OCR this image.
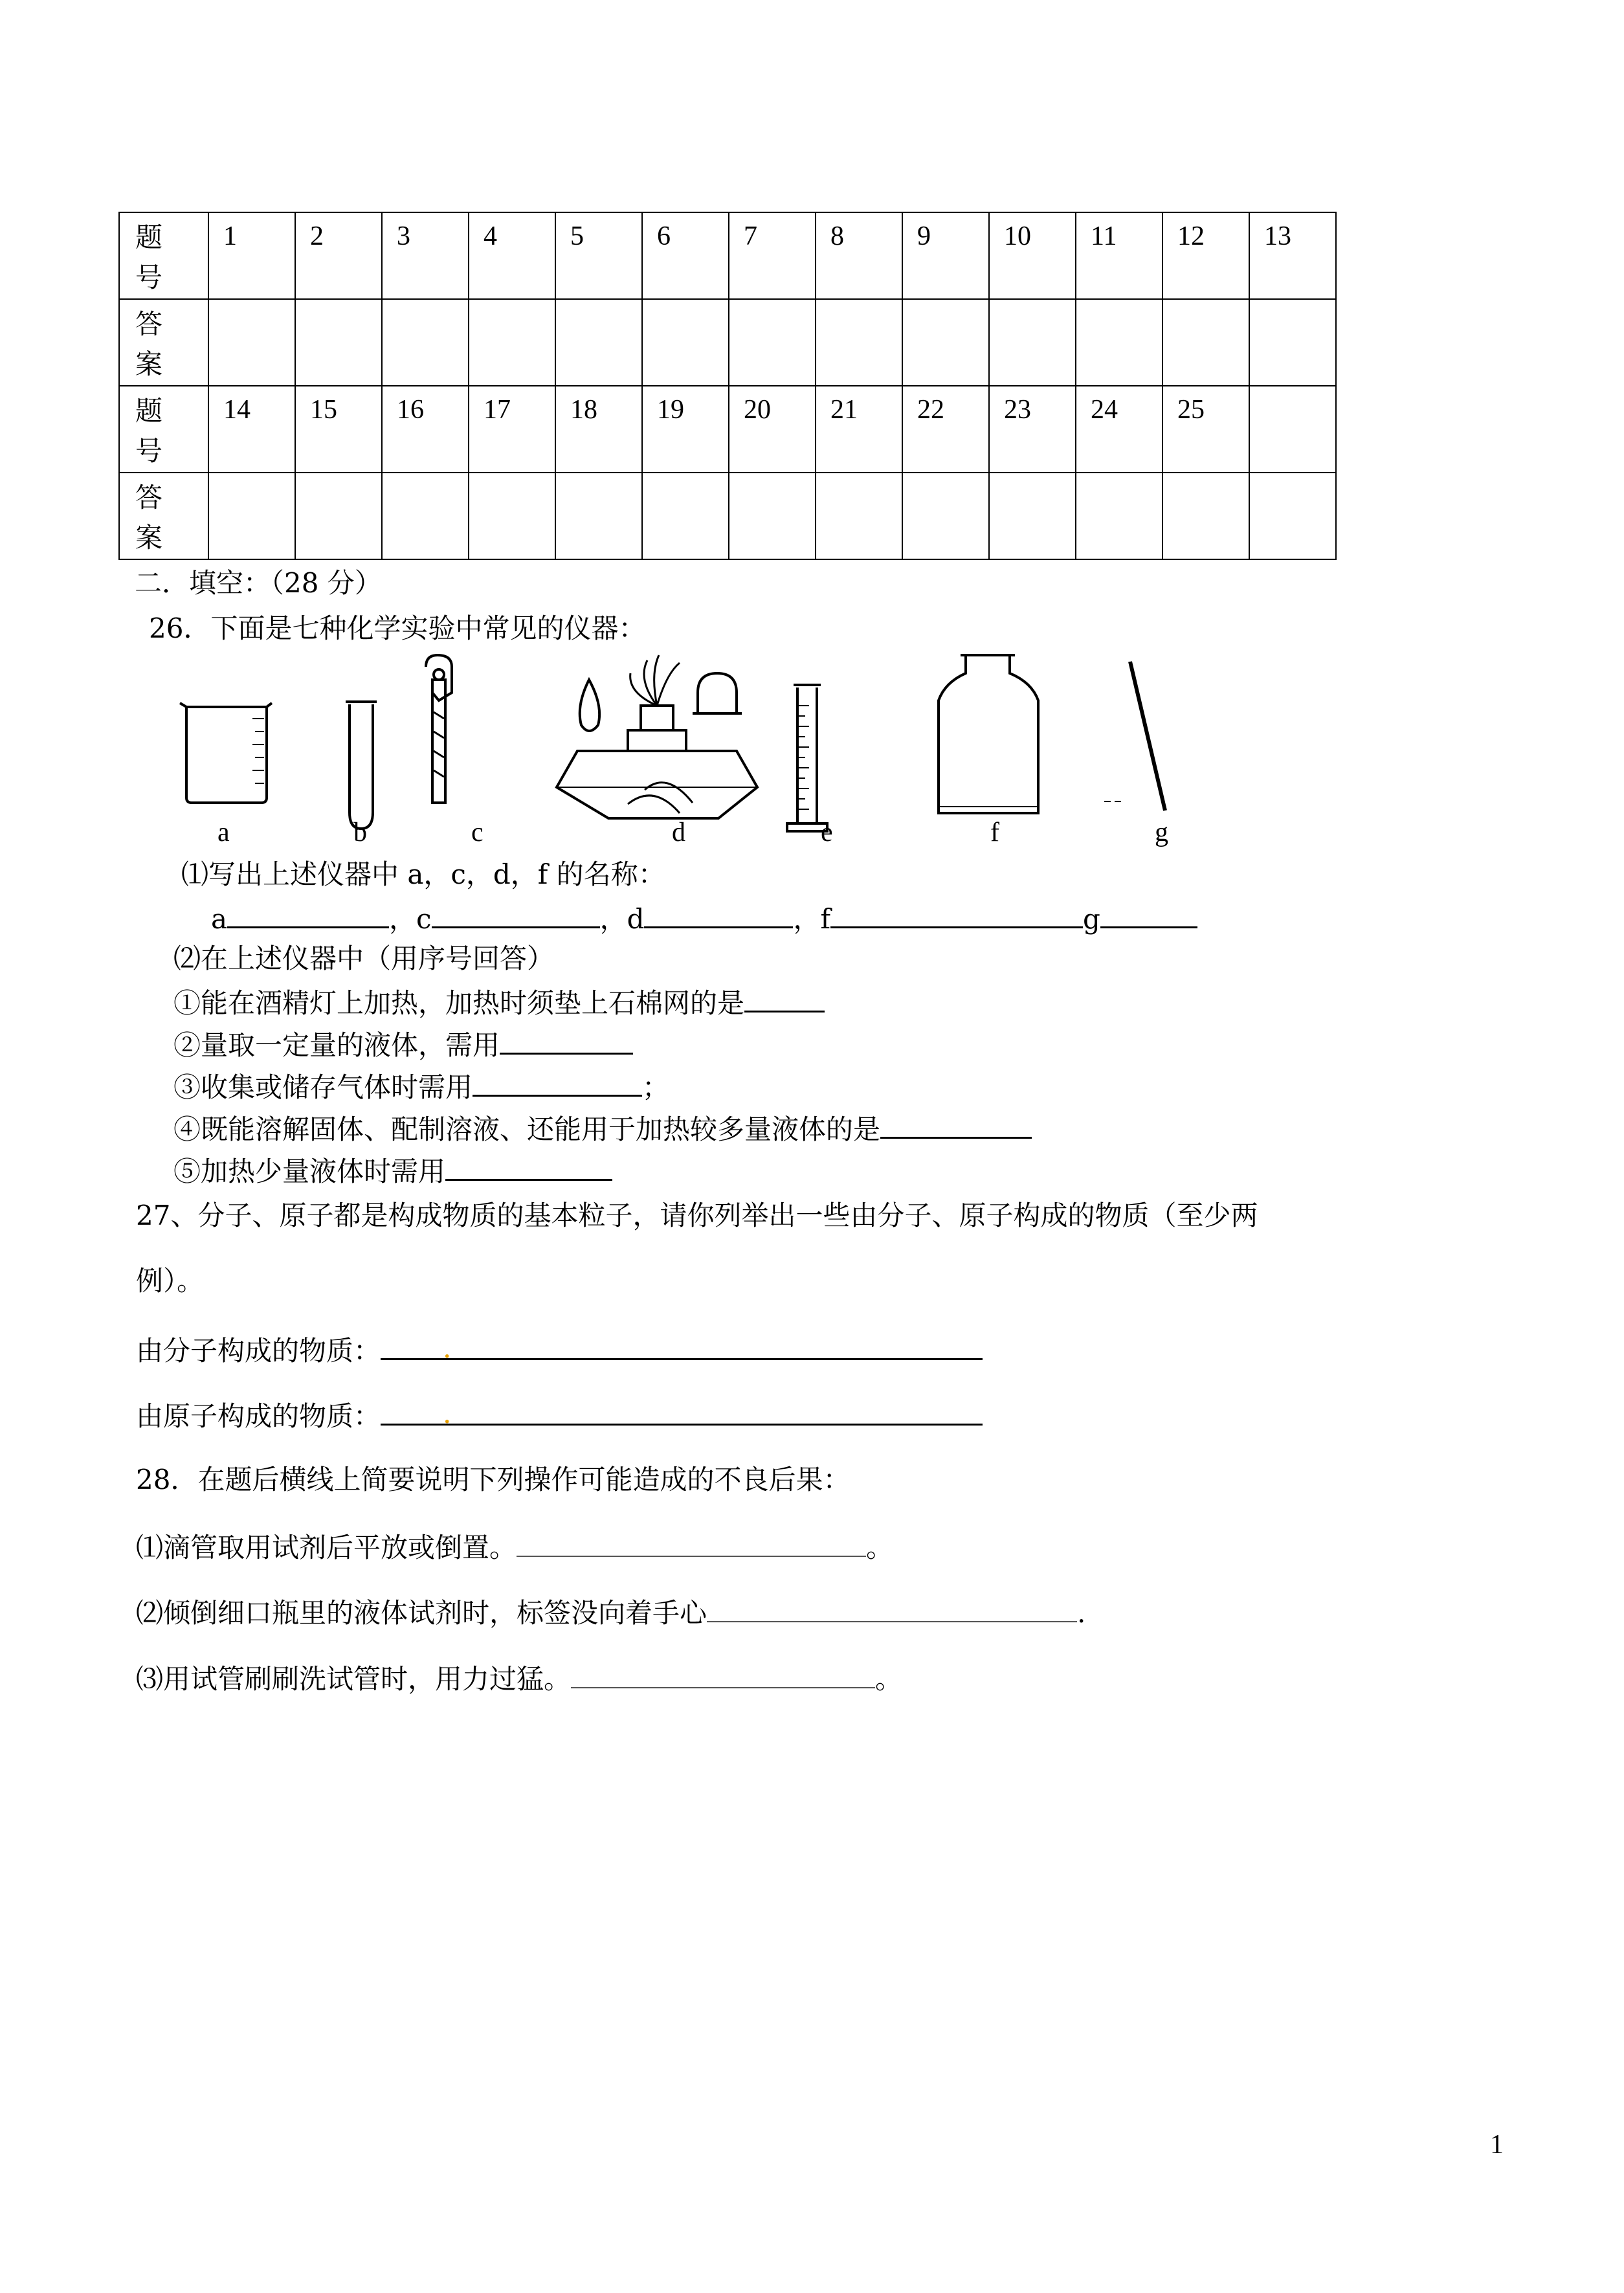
题
号	1	2	3	4	5	6	7	8	9	10	11	12	13

答
案													

题
号	14	15	16	17	18	19	20	21	22	23	24	25	

答
案													

二．填空：（28 分）
26．下面是七种化学实验中常见的仪器：
a	b	c	d	e	f	g
⑴写出上述仪器中 a，c，d，f 的名称：
a	，c	，d	，f	g
⑵在上述仪器中（用序号回答）
①能在酒精灯上加热，加热时须垫上石棉网的是
②量取一定量的液体，需用
③收集或储存气体时需用	；
④既能溶解固体、配制溶液、还能用于加热较多量液体的是
⑤加热少量液体时需用
27、分子、原子都是构成物质的基本粒子，请你列举出一些由分子、原子构成的物质（至少两
例）。
由分子构成的物质： .
由原子构成的物质： .
28．在题后横线上简要说明下列操作可能造成的不良后果：
⑴滴管取用试剂后平放或倒置。	。
⑵倾倒细口瓶里的液体试剂时，标签没向着手心	.
⑶用试管刷刷洗试管时，用力过猛。	。
1
